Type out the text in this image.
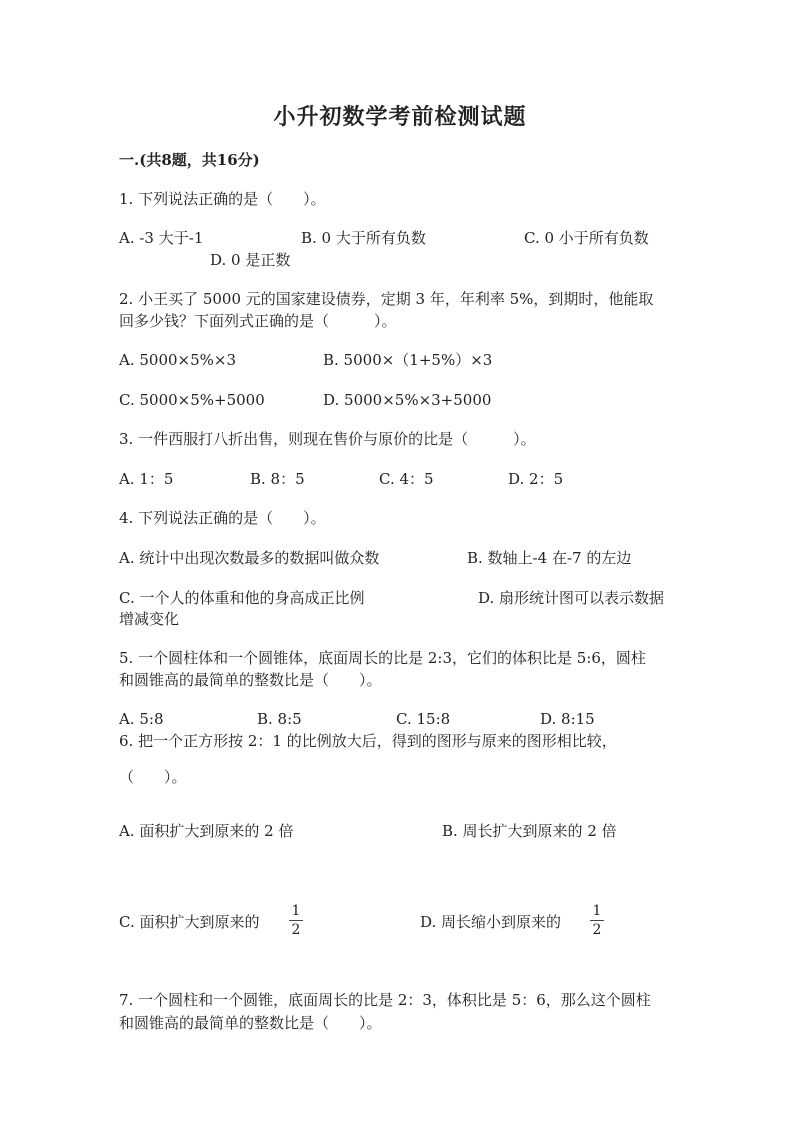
小升初数学考前检测试题
一.(共8题，共16分)
1. 下列说法正确的是（　　）。
A. -3 大于-1	B. 0 大于所有负数	C. 0 小于所有负数
D. 0 是正数
2. 小王买了 5000 元的国家建设债券，定期 3 年，年利率 5%，到期时，他能取
回多少钱？下面列式正确的是（　　　）。
A. 5000×5%×3	B. 5000×（1+5%）×3
C. 5000×5%+5000	D. 5000×5%×3+5000
3. 一件西服打八折出售，则现在售价与原价的比是（　　　）。
A. 1：5	B. 8：5	C. 4：5	D. 2：5
4. 下列说法正确的是（　　）。
A. 统计中出现次数最多的数据叫做众数	B. 数轴上-4 在-7 的左边
C. 一个人的体重和他的身高成正比例	D. 扇形统计图可以表示数据
增减变化
5. 一个圆柱体和一个圆锥体，底面周长的比是 2:3，它们的体积比是 5:6，圆柱
和圆锥高的最简单的整数比是（　　）。
A. 5:8	B. 8:5	C. 15:8	D. 8:15
6. 把一个正方形按 2：1 的比例放大后，得到的图形与原来的图形相比较，
（　　）。
A. 面积扩大到原来的 2 倍	B. 周长扩大到原来的 2 倍
C. 面积扩大到原来的
1
2	D. 周长缩小到原来的
1
2
7. 一个圆柱和一个圆锥，底面周长的比是 2：3，体积比是 5：6，那么这个圆柱
和圆锥高的最简单的整数比是（　　）。
